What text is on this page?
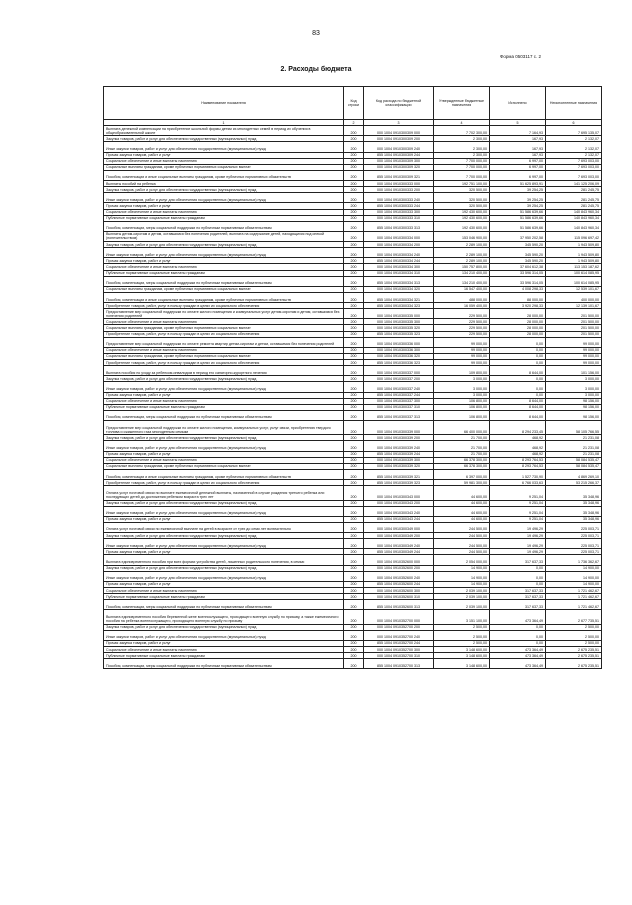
83
Форма 0503117 с. 2
2. Расходы бюджета
Наименование показателя	Код строки	Код расхода по бюджетной классификации	Утвержденные бюджетные назначения	Исполнено	Неисполненные назначения
1	2	3	4	5	6
Выплата денежной компенсации на приобретение школьной формы детям из многодетных семей в период их обучения в общеобразовательной школе	200	000 1004 0910300309 000	7 702 300,00	7 164,93	7 695 135,07
Закупка товаров, работ и услуг для обеспечения государственных (муниципальных) нужд	200	000 1004 0910300309 200	2 300,00	167,93	2 132,07
Иные закупки товаров, работ и услуг для обеспечения государственных (муниципальных) нужд	200	000 1004 0910300309 240	2 300,00	167,93	2 132,07
Прочая закупка товаров, работ и услуг	200	855 1004 0910300309 244	2 300,00	167,93	2 132,07
Социальное обеспечение и иные выплаты населению	200	000 1004 0910300309 300	7 700 000,00	6 997,00	7 693 003,00
Социальные выплаты гражданам, кроме публичных нормативных социальных выплат	200	000 1004 0910300309 320	7 700 000,00	6 997,00	7 693 003,00
Пособия, компенсации и иные социальные выплаты гражданам, кроме публичных нормативных обязательств	200	855 1004 0910300309 321	7 700 000,00	6 997,00	7 693 003,00
Выплаты пособий на ребенка	200	000 1004 0910300333 000	192 751 100,00	51 625 893,91	141 125 206,09
Закупка товаров, работ и услуг для обеспечения государственных (муниципальных) нужд	200	000 1004 0910300333 200	320 500,00	39 254,25	281 245,75
Иные закупки товаров, работ и услуг для обеспечения государственных (муниципальных) нужд	200	000 1004 0910300333 240	320 500,00	39 254,25	281 245,75
Прочая закупка товаров, работ и услуг	200	855 1004 0910300333 244	320 500,00	39 254,25	281 245,75
Социальное обеспечение и иные выплаты населению	200	000 1004 0910300333 300	192 430 600,00	51 586 639,66	140 843 960,34
Публичные нормативные социальные выплаты гражданам	200	000 1004 0910300333 310	192 430 600,00	51 586 639,66	140 843 960,34
Пособия, компенсации, меры социальной поддержки по публичным нормативным обязательствам	200	855 1004 0910300333 313	192 430 600,00	51 586 639,66	140 843 960,34
Выплаты детям-сиротам и детям, оставшимся без попечения родителей, выплата на содержание детей, находящихся под опекой (попечительством)	200	000 1004 0910300334 000	153 046 900,00	37 950 202,58	115 096 697,42
Закупка товаров, работ и услуг для обеспечения государственных (муниципальных) нужд	200	000 1004 0910300334 200	2 289 100,00	345 590,20	1 943 509,80
Иные закупки товаров, работ и услуг для обеспечения государственных (муниципальных) нужд	200	000 1004 0910300334 240	2 289 100,00	345 590,20	1 943 509,80
Прочая закупка товаров, работ и услуг	200	855 1004 0910300334 244	2 289 100,00	345 590,20	1 943 509,80
Социальное обеспечение и иные выплаты населению	200	000 1004 0910300334 300	150 757 800,00	37 604 612,38	113 153 187,62
Публичные нормативные социальные выплаты гражданам	200	000 1004 0910300334 310	134 210 400,00	33 596 314,05	100 614 085,95
Пособия, компенсации, меры социальной поддержки по публичным нормативным обязательствам	200	855 1004 0910300334 313	134 210 400,00	33 596 314,05	100 614 085,95
Социальные выплаты гражданам, кроме публичных нормативных социальных выплат	200	000 1004 0910300334 320	16 547 400,00	4 008 298,33	12 539 101,67
Пособия, компенсации и иные социальные выплаты гражданам, кроме публичных нормативных обязательств	200	855 1004 0910300334 321	488 000,00	88 000,00	400 000,00
Приобретение товаров, работ, услуг в пользу граждан в целях их социального обеспечения	200	855 1004 0910300334 323	16 059 400,00	3 920 298,33	12 139 101,67
Предоставление мер социальной поддержки по оплате жилого помещения и коммунальных услуг детям-сиротам и детям, оставшимся без попечения родителей	200	000 1004 0910300335 000	229 500,00	28 000,00	201 500,00
Социальное обеспечение и иные выплаты населению	200	000 1004 0910300335 300	229 500,00	28 000,00	201 500,00
Социальные выплаты гражданам, кроме публичных нормативных социальных выплат	200	000 1004 0910300335 320	229 500,00	28 000,00	201 500,00
Приобретение товаров, работ, услуг в пользу граждан в целях их социального обеспечения	200	855 1004 0910300335 323	229 500,00	28 000,00	201 500,00
Предоставление мер социальной поддержки по оплате ремонта квартир детям-сиротам и детям, оставшимся без попечения родителей	200	000 1004 0910300336 000	99 000,00	0,00	99 000,00
Социальное обеспечение и иные выплаты населению	200	000 1004 0910300336 300	99 000,00	0,00	99 000,00
Социальные выплаты гражданам, кроме публичных нормативных социальных выплат	200	000 1004 0910300336 320	99 000,00	0,00	99 000,00
Приобретение товаров, работ, услуг в пользу граждан в целях их социального обеспечения	200	855 1004 0910300336 323	99 000,00	0,00	99 000,00
Выплата пособия по уходу за ребенком-инвалидом в период его санаторно-курортного лечения	200	000 1004 0910300337 000	109 800,00	8 644,00	101 156,00
Закупка товаров, работ и услуг для обеспечения государственных (муниципальных) нужд	200	000 1004 0910300337 200	3 000,00	0,00	3 000,00
Иные закупки товаров, работ и услуг для обеспечения государственных (муниципальных) нужд	200	000 1004 0910300337 240	3 000,00	0,00	3 000,00
Прочая закупка товаров, работ и услуг	200	855 1004 0910300337 244	3 000,00	0,00	3 000,00
Социальное обеспечение и иные выплаты населению	200	000 1004 0910300337 300	106 800,00	8 644,00	98 156,00
Публичные нормативные социальные выплаты гражданам	200	000 1004 0910300337 310	106 800,00	8 644,00	98 156,00
Пособия, компенсации, меры социальной поддержки по публичным нормативным обязательствам	200	855 1004 0910300337 313	106 800,00	8 644,00	98 156,00
Предоставление мер социальной поддержки по оплате жилого помещения, коммунальных услуг, услуг связи, приобретению твердого топлива и сжиженного газа многодетным семьям	200	000 1004 0910300339 000	66 400 000,00	8 294 233,45	58 105 766,55
Закупка товаров, работ и услуг для обеспечения государственных (муниципальных) нужд	200	000 1004 0910300339 200	21 700,00	468,92	21 231,08
Иные закупки товаров, работ и услуг для обеспечения государственных (муниципальных) нужд	200	000 1004 0910300339 240	21 700,00	468,92	21 231,08
Прочая закупка товаров, работ и услуг	200	855 1004 0910300339 244	21 700,00	468,92	21 231,08
Социальное обеспечение и иные выплаты населению	200	000 1004 0910300339 300	66 378 300,00	8 293 764,53	58 084 535,47
Социальные выплаты гражданам, кроме публичных нормативных социальных выплат	200	000 1004 0910300339 320	66 378 300,00	8 293 764,53	58 084 535,47
Пособия, компенсации и иные социальные выплаты гражданам, кроме публичных нормативных обязательств	200	855 1004 0910300339 321	6 397 000,00	1 527 730,90	4 869 269,10
Приобретение товаров, работ, услуг в пользу граждан в целях их социального обеспечения	200	855 1004 0910300339 323	59 981 300,00	6 766 033,63	53 215 266,37
Оплата услуг почтовой связи по выплате ежемесячной денежной выплаты, назначенной в случае рождения третьего ребенка или последующих детей до достижения ребенком возраста трех лет	200	000 1004 0910300343 000	44 600,00	9 251,04	35 348,96
Закупка товаров, работ и услуг для обеспечения государственных (муниципальных) нужд	200	000 1004 0910300343 200	44 600,00	9 251,04	35 348,96
Иные закупки товаров, работ и услуг для обеспечения государственных (муниципальных) нужд	200	000 1004 0910300343 240	44 600,00	9 251,04	35 348,96
Прочая закупка товаров, работ и услуг	200	855 1004 0910300343 244	44 600,00	9 251,04	35 348,96
Оплата услуг почтовой связи по ежемесячной выплате на детей в возрасте от трех до семи лет включительно	200	000 1004 0910300349 000	244 500,00	19 496,29	225 003,71
Закупка товаров, работ и услуг для обеспечения государственных (муниципальных) нужд	200	000 1004 0910300349 200	244 500,00	19 496,29	225 003,71
Иные закупки товаров, работ и услуг для обеспечения государственных (муниципальных) нужд	200	000 1004 0910300349 240	244 500,00	19 496,29	225 003,71
Прочая закупка товаров, работ и услуг	200	855 1004 0910300349 244	244 500,00	19 496,29	225 003,71
Выплата единовременного пособия при всех формах устройства детей, лишенных родительского попечения, в семью	200	000 1004 0910352600 000	2 054 000,00	317 637,33	1 736 362,67
Закупка товаров, работ и услуг для обеспечения государственных (муниципальных) нужд	200	000 1004 0910352600 200	14 900,00	0,00	14 900,00
Иные закупки товаров, работ и услуг для обеспечения государственных (муниципальных) нужд	200	000 1004 0910352600 240	14 900,00	0,00	14 900,00
Прочая закупка товаров, работ и услуг	200	855 1004 0910352600 244	14 900,00	0,00	14 900,00
Социальное обеспечение и иные выплаты населению	200	000 1004 0910352600 300	2 039 100,00	317 637,33	1 721 462,67
Публичные нормативные социальные выплаты гражданам	200	000 1004 0910352600 310	2 039 100,00	317 637,33	1 721 462,67
Пособия, компенсации, меры социальной поддержки по публичным нормативным обязательствам	200	855 1004 0910352600 313	2 039 100,00	317 637,33	1 721 462,67
Выплата единовременного пособия беременной жене военнослужащего, проходящего военную службу по призыву, а также ежемесячного пособия на ребенка военнослужащего, проходящего военную службу по призыву	200	000 1004 0910352700 000	3 151 100,00	473 364,49	2 677 735,51
Закупка товаров, работ и услуг для обеспечения государственных (муниципальных) нужд	200	000 1004 0910352700 200	2 500,00	0,00	2 500,00
Иные закупки товаров, работ и услуг для обеспечения государственных (муниципальных) нужд	200	000 1004 0910352700 240	2 500,00	0,00	2 500,00
Прочая закупка товаров, работ и услуг	200	855 1004 0910352700 244	2 500,00	0,00	2 500,00
Социальное обеспечение и иные выплаты населению	200	000 1004 0910352700 300	3 148 600,00	473 364,49	2 675 235,51
Публичные нормативные социальные выплаты гражданам	200	000 1004 0910352700 310	3 148 600,00	473 364,49	2 675 235,51
Пособия, компенсации, меры социальной поддержки по публичным нормативным обязательствам	200	855 1004 0910352700 313	3 148 600,00	473 364,49	2 675 235,51
